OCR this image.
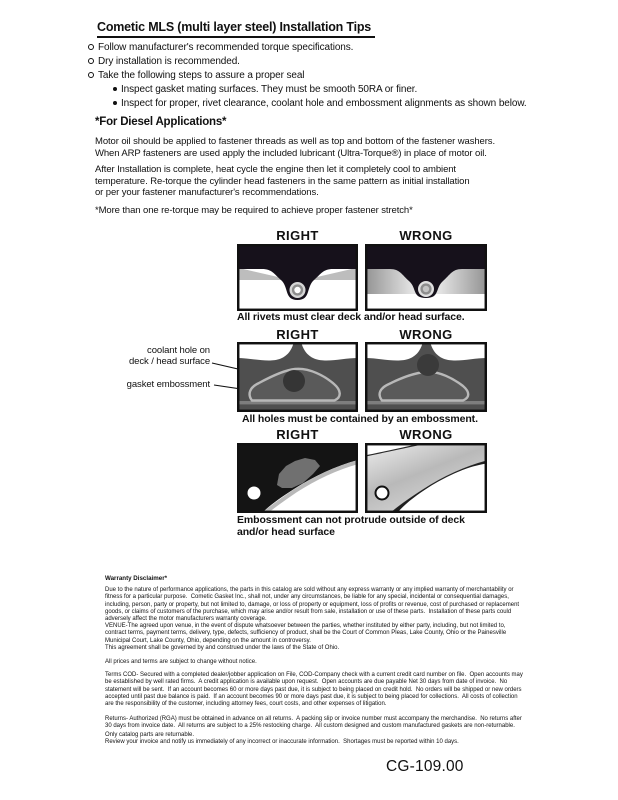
Cometic MLS (multi layer steel) Installation Tips
Follow manufacturer's recommended torque specifications.
Dry installation is recommended.
Take the following steps to assure a proper seal
Inspect gasket mating surfaces. They must be smooth 50RA or finer.
Inspect for proper, rivet clearance, coolant hole and embossment alignments as shown below.
*For Diesel Applications*
Motor oil should be applied to fastener threads as well as top and bottom of the fastener washers.
When ARP fasteners are used apply the included lubricant (Ultra-Torque®) in place of motor oil.
After Installation is complete, heat cycle the engine then let it completely cool to ambient
temperature. Re-torque the cylinder head fasteners in the same pattern as initial installation
or per your fastener manufacturer's recommendations.
*More than one re-torque may be required to achieve proper fastener stretch*
RIGHT	WRONG
All rivets must clear deck and/or head surface.
RIGHT	WRONG
coolant hole on
deck / head surface
gasket embossment
All holes must be contained by an embossment.
RIGHT	WRONG
Embossment can not protrude outside of deck
and/or head surface
Warranty Disclaimer*
Due to the nature of performance applications, the parts in this catalog are sold without any express warranty or any implied warranty of merchantability or
fitness for a particular purpose.  Cometic Gasket Inc., shall not, under any circumstances, be liable for any special, incidental or consequential damages,
including, person, party or property, but not limited to, damage, or loss of property or equipment, loss of profits or revenue, cost of purchased or replacement
goods, or claims of customers of the purchase, which may arise and/or result from sale, installation or use of these parts.  Installation of these parts could
adversely affect the motor manufacturers warranty coverage.
VENUE-The agreed upon venue, in the event of dispute whatsoever between the parties, whether instituted by either party, including, but not limited to,
contract terms, payment terms, delivery, type, defects, sufficiency of product, shall be the Court of Common Pleas, Lake County, Ohio or the Painesville
Municipal Court, Lake County, Ohio, depending on the amount in controversy.
This agreement shall be governed by and construed under the laws of the State of Ohio.
All prices and terms are subject to change without notice.
Terms COD- Secured with a completed dealer/jobber application on File, COD-Company check with a current credit card number on file.  Open accounts may
be established by well rated firms.  A credit application is available upon request.  Open accounts are due payable Net 30 days from date of invoice.  No
statement will be sent.  If an account becomes 60 or more days past due, it is subject to being placed on credit hold.  No orders will be shipped or new orders
accepted until past due balance is paid.  If an account becomes 90 or more days past due, it is subject to being placed for collections.  All costs of collection
are the responsibility of the customer, including attorney fees, court costs, and other expenses of litigation.
Returns- Authorized (RGA) must be obtained in advance on all returns.  A packing slip or invoice number must accompany the merchandise.  No returns after
30 days from invoice date.  All returns are subject to a 25% restocking charge.  All custom designed and custom manufactured gaskets are non-returnable.
Only catalog parts are returnable.
Review your invoice and notify us immediately of any incorrect or inaccurate information.  Shortages must be reported within 10 days.
CG-109.00
